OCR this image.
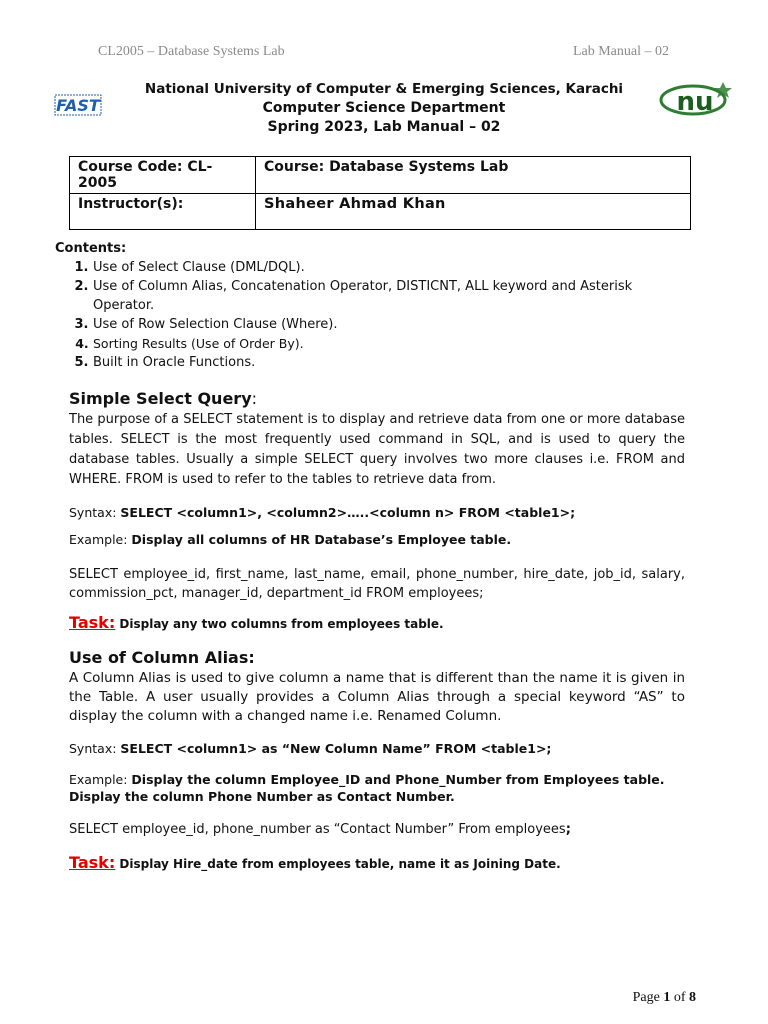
CL2005 – Database Systems Lab	Lab Manual – 02
FAST	nu
National University of Computer & Emerging Sciences, Karachi
Computer Science Department
Spring 2023, Lab Manual – 02
Course Code: CL-2005	Course: Database Systems Lab
Instructor(s):	Shaheer Ahmad Khan
Contents:
1. Use of Select Clause (DML/DQL).
2. Use of Column Alias, Concatenation Operator, DISTICNT, ALL keyword and Asterisk Operator.
3. Use of Row Selection Clause (Where).
4. Sorting Results (Use of Order By).
5. Built in Oracle Functions.
Simple Select Query:

The purpose of a SELECT statement is to display and retrieve data from one or more database tables. SELECT is the most frequently used command in SQL, and is used to query the database tables. Usually a simple SELECT query involves two more clauses i.e. FROM and WHERE. FROM is used to refer to the tables to retrieve data from.

Syntax: SELECT <column1>, <column2>…..<column n> FROM <table1>;

Example: Display all columns of HR Database’s Employee table.

SELECT employee_id, first_name, last_name, email, phone_number, hire_date, job_id, salary, commission_pct, manager_id, department_id FROM employees;

Task: Display any two columns from employees table.

Use of Column Alias:

A Column Alias is used to give column a name that is different than the name it is given in the Table. A user usually provides a Column Alias through a special keyword “AS” to display the column with a changed name i.e. Renamed Column.

Syntax: SELECT <column1> as “New Column Name” FROM <table1>;

Example: Display the column Employee_ID and Phone_Number from Employees table. Display the column Phone Number as Contact Number.

SELECT employee_id, phone_number as “Contact Number” From employees;

Task: Display Hire_date from employees table, name it as Joining Date.

Page 1 of 8
